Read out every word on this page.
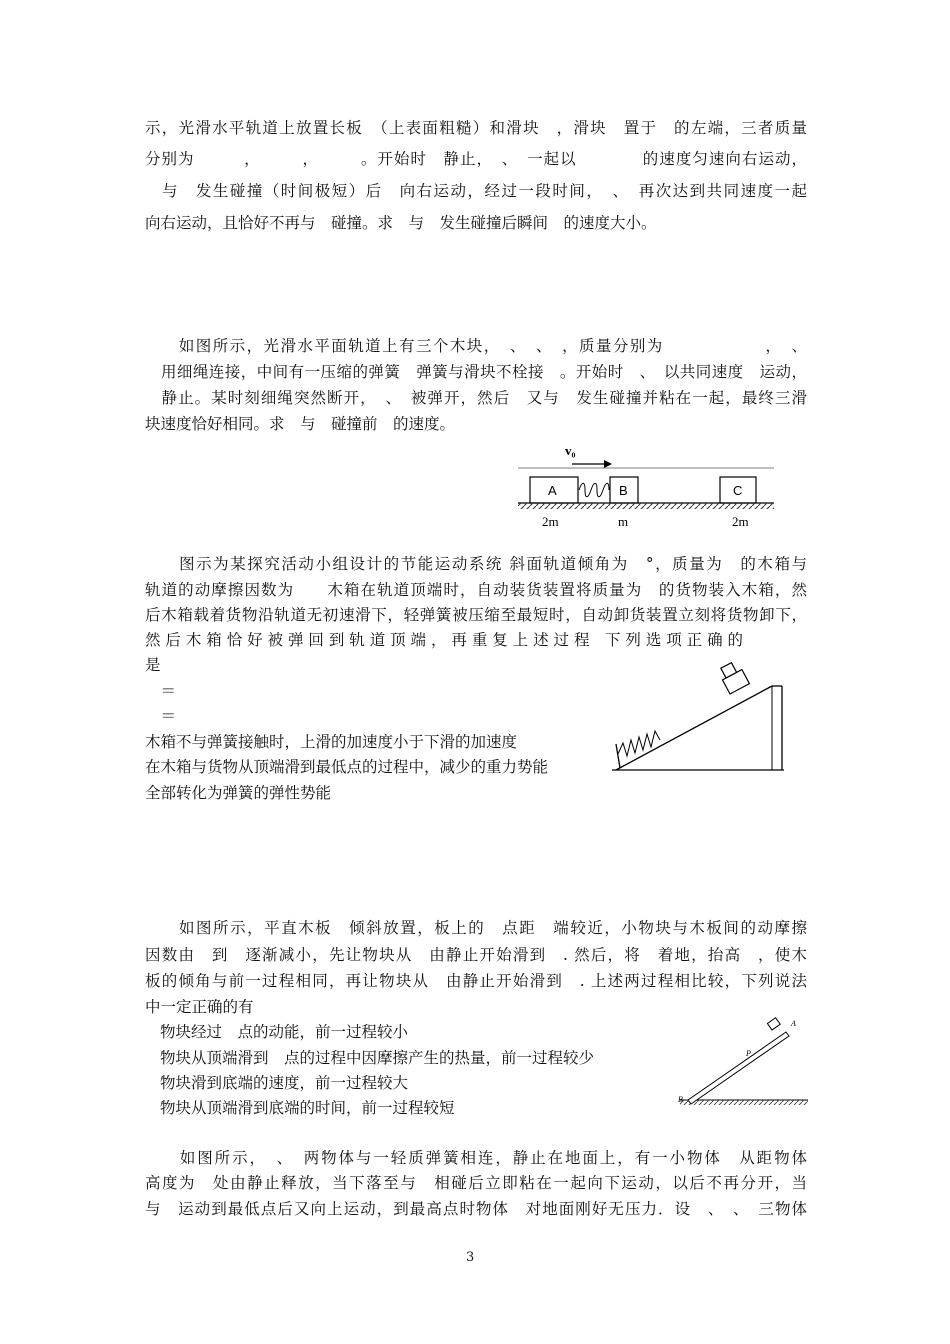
示，光滑水平轨道上放置长板　（上表面粗糙）和滑块　，滑块　置于　的左端，三者质量
分别为　　　，　　　，　　　。开始时　静止，　、　一起以　　　　的速度匀速向右运动，
　与　发生碰撞（时间极短）后　向右运动，经过一段时间，　、　再次达到共同速度一起
向右运动，且恰好不再与　碰撞。求　与　发生碰撞后瞬间　的速度大小。
　　如图所示，光滑水平面轨道上有三个木块，　、　、　，质量分别为　　　　　　，　、
　用细绳连接，中间有一压缩的弹簧　弹簧与滑块不栓接　。开始时　、　以共同速度　运动，
　静止。某时刻细绳突然断开，　、　被弹开，然后　又与　发生碰撞并粘在一起，最终三滑
块速度恰好相同。求　与　碰撞前　的速度。
v₀
A	B	C
2m	m	2m
　　图示为某探究活动小组设计的节能运动系统 斜面轨道倾角为　°，质量为　的木箱与
轨道的动摩擦因数为　　木箱在轨道顶端时，自动装货装置将质量为　的货物装入木箱，然
后木箱载着货物沿轨道无初速滑下，轻弹簧被压缩至最短时，自动卸货装置立刻将货物卸下，
然 后 木 箱 恰 好 被 弹 回 到 轨 道 顶 端 ， 再 重 复 上 述 过 程　下 列 选 项 正 确 的
是
　＝
　＝
木箱不与弹簧接触时，上滑的加速度小于下滑的加速度
在木箱与货物从顶端滑到最低点的过程中，减少的重力势能
全部转化为弹簧的弹性势能
　　如图所示，平直木板　倾斜放置，板上的　点距　端较近，小物块与木板间的动摩擦
因数由　到　逐渐减小，先让物块从　由静止开始滑到　. 然后，将　着地，抬高　，使木
板的倾角与前一过程相同，再让物块从　由静止开始滑到　. 上述两过程相比较，下列说法
中一定正确的有
物块经过　点的动能，前一过程较小
物块从顶端滑到　点的过程中因摩擦产生的热量，前一过程较少
物块滑到底端的速度，前一过程较大
物块从顶端滑到底端的时间，前一过程较短
A
P
B
　　如图所示，　、　两物体与一轻质弹簧相连，静止在地面上，有一小物体　从距物体
高度为　处由静止释放，当下落至与　相碰后立即粘在一起向下运动，以后不再分开，当
与　运动到最低点后又向上运动，到最高点时物体　对地面刚好无压力．设　、　、　三物体
3
